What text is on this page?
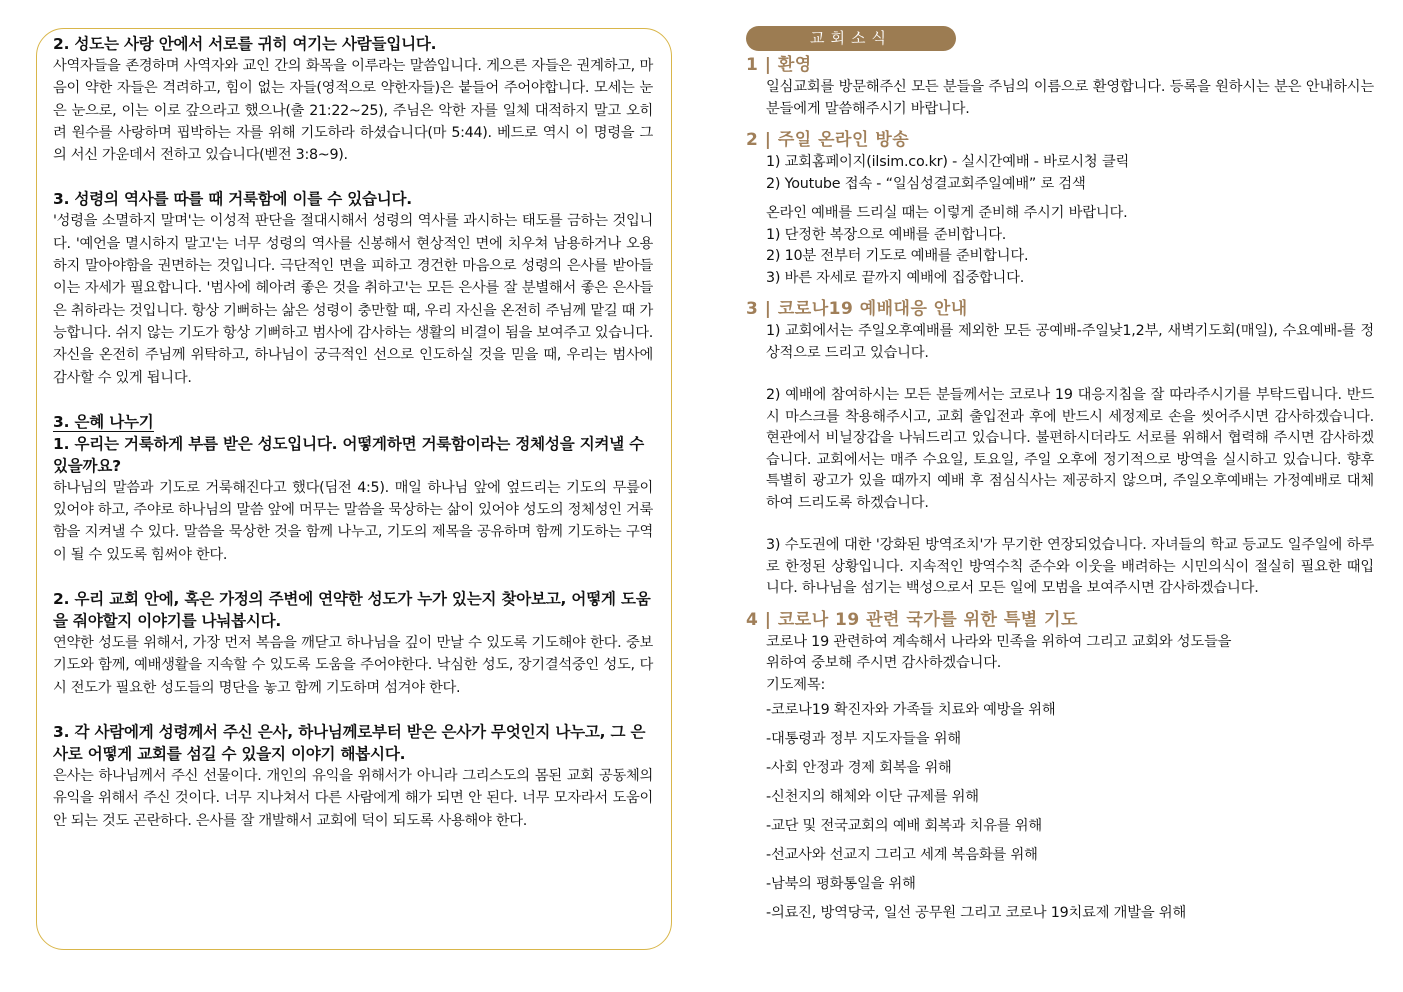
2. 성도는 사랑 안에서 서로를 귀히 여기는 사람들입니다.

사역자들을 존경하며 사역자와 교인 간의 화목을 이루라는 말씀입니다. 게으른 자들은 권계하고, 마음이 약한 자들은 격려하고, 힘이 없는 자들(영적으로 약한자들)은 붙들어 주어야합니다. 모세는 눈은 눈으로, 이는 이로 갚으라고 했으나(출 21:22~25), 주님은 악한 자를 일체 대적하지 말고 오히려 원수를 사랑하며 핍박하는 자를 위해 기도하라 하셨습니다(마 5:44). 베드로 역시 이 명령을 그의 서신 가운데서 전하고 있습니다(벧전 3:8~9).

3. 성령의 역사를 따를 때 거룩함에 이를 수 있습니다.

'성령을 소멸하지 말며'는 이성적 판단을 절대시해서 성령의 역사를 과시하는 태도를 금하는 것입니다. '예언을 멸시하지 말고'는 너무 성령의 역사를 신봉해서 현상적인 면에 치우쳐 남용하거나 오용하지 말아야함을 권면하는 것입니다. 극단적인 면을 피하고 경건한 마음으로 성령의 은사를 받아들이는 자세가 필요합니다. '범사에 헤아려 좋은 것을 취하고'는 모든 은사를 잘 분별해서 좋은 은사들은 취하라는 것입니다. 항상 기뻐하는 삶은 성령이 충만할 때, 우리 자신을 온전히 주님께 맡길 때 가능합니다. 쉬지 않는 기도가 항상 기뻐하고 범사에 감사하는 생활의 비결이 됨을 보여주고 있습니다. 자신을 온전히 주님께 위탁하고, 하나님이 궁극적인 선으로 인도하실 것을 믿을 때, 우리는 범사에 감사할 수 있게 됩니다.

3. 은혜 나누기
1. 우리는 거룩하게 부름 받은 성도입니다. 어떻게하면 거룩함이라는 정체성을 지켜낼 수 있을까요?

하나님의 말씀과 기도로 거룩해진다고 했다(딤전 4:5). 매일 하나님 앞에 엎드리는 기도의 무릎이 있어야 하고, 주야로 하나님의 말씀 앞에 머무는 말씀을 묵상하는 삶이 있어야 성도의 정체성인 거룩함을 지켜낼 수 있다. 말씀을 묵상한 것을 함께 나누고, 기도의 제목을 공유하며 함께 기도하는 구역이 될 수 있도록 힘써야 한다.

2. 우리 교회 안에, 혹은 가정의 주변에 연약한 성도가 누가 있는지 찾아보고, 어떻게 도움을 줘야할지 이야기를 나눠봅시다.

연약한 성도를 위해서, 가장 먼저 복음을 깨닫고 하나님을 깊이 만날 수 있도록 기도해야 한다. 중보기도와 함께, 예배생활을 지속할 수 있도록 도움을 주어야한다. 낙심한 성도, 장기결석중인 성도, 다시 전도가 필요한 성도들의 명단을 놓고 함께 기도하며 섬겨야 한다.

3. 각 사람에게 성령께서 주신 은사, 하나님께로부터 받은 은사가 무엇인지 나누고, 그 은사로 어떻게 교회를 섬길 수 있을지 이야기 해봅시다.

은사는 하나님께서 주신 선물이다. 개인의 유익을 위해서가 아니라 그리스도의 몸된 교회 공동체의 유익을 위해서 주신 것이다. 너무 지나쳐서 다른 사람에게 해가 되면 안 된다. 너무 모자라서 도움이 안 되는 것도 곤란하다. 은사를 잘 개발해서 교회에 덕이 되도록 사용해야 한다.

교회소식
1 | 환영

일심교회를 방문해주신 모든 분들을 주님의 이름으로 환영합니다. 등록을 원하시는 분은 안내하시는 분들에게 말씀해주시기 바랍니다.

2 | 주일 온라인 방송

1) 교회홈페이지(ilsim.co.kr) - 실시간예배 - 바로시청 클릭

2) Youtube 접속 - “일심성결교회주일예배” 로 검색

온라인 예배를 드리실 때는 이렇게 준비해 주시기 바랍니다.

1) 단정한 복장으로 예배를 준비합니다.

2) 10분 전부터 기도로 예배를 준비합니다.

3) 바른 자세로 끝까지 예배에 집중합니다.

3 | 코로나19 예배대응 안내

1) 교회에서는 주일오후예배를 제외한 모든 공예배-주일낮1,2부, 새벽기도회(매일), 수요예배-를 정상적으로 드리고 있습니다.

2) 예배에 참여하시는 모든 분들께서는 코로나 19 대응지침을 잘 따라주시기를 부탁드립니다. 반드시 마스크를 착용해주시고, 교회 출입전과 후에 반드시 세정제로 손을 씻어주시면 감사하겠습니다. 현관에서 비닐장갑을 나눠드리고 있습니다. 불편하시더라도 서로를 위해서 협력해 주시면 감사하겠습니다. 교회에서는 매주 수요일, 토요일, 주일 오후에 정기적으로 방역을 실시하고 있습니다. 향후 특별히 광고가 있을 때까지 예배 후 점심식사는 제공하지 않으며, 주일오후예배는 가정예배로 대체하여 드리도록 하겠습니다.

3) 수도권에 대한 '강화된 방역조치'가 무기한 연장되었습니다. 자녀들의 학교 등교도 일주일에 하루로 한정된 상황입니다. 지속적인 방역수칙 준수와 이웃을 배려하는 시민의식이 절실히 필요한 때입니다. 하나님을 섬기는 백성으로서 모든 일에 모범을 보여주시면 감사하겠습니다.

4 | 코로나 19 관련 국가를 위한 특별 기도

코로나 19 관련하여 계속해서 나라와 민족을 위하여 그리고 교회와 성도들을

위하여 중보해 주시면 감사하겠습니다.

기도제목:

-코로나19 확진자와 가족들 치료와 예방을 위해

-대통령과 정부 지도자들을 위해

-사회 안정과 경제 회복을 위해

-신천지의 해체와 이단 규제를 위해

-교단 및 전국교회의 예배 회복과 치유를 위해

-선교사와 선교지 그리고 세계 복음화를 위해

-남북의 평화통일을 위해

-의료진, 방역당국, 일선 공무원 그리고 코로나 19치료제 개발을 위해
